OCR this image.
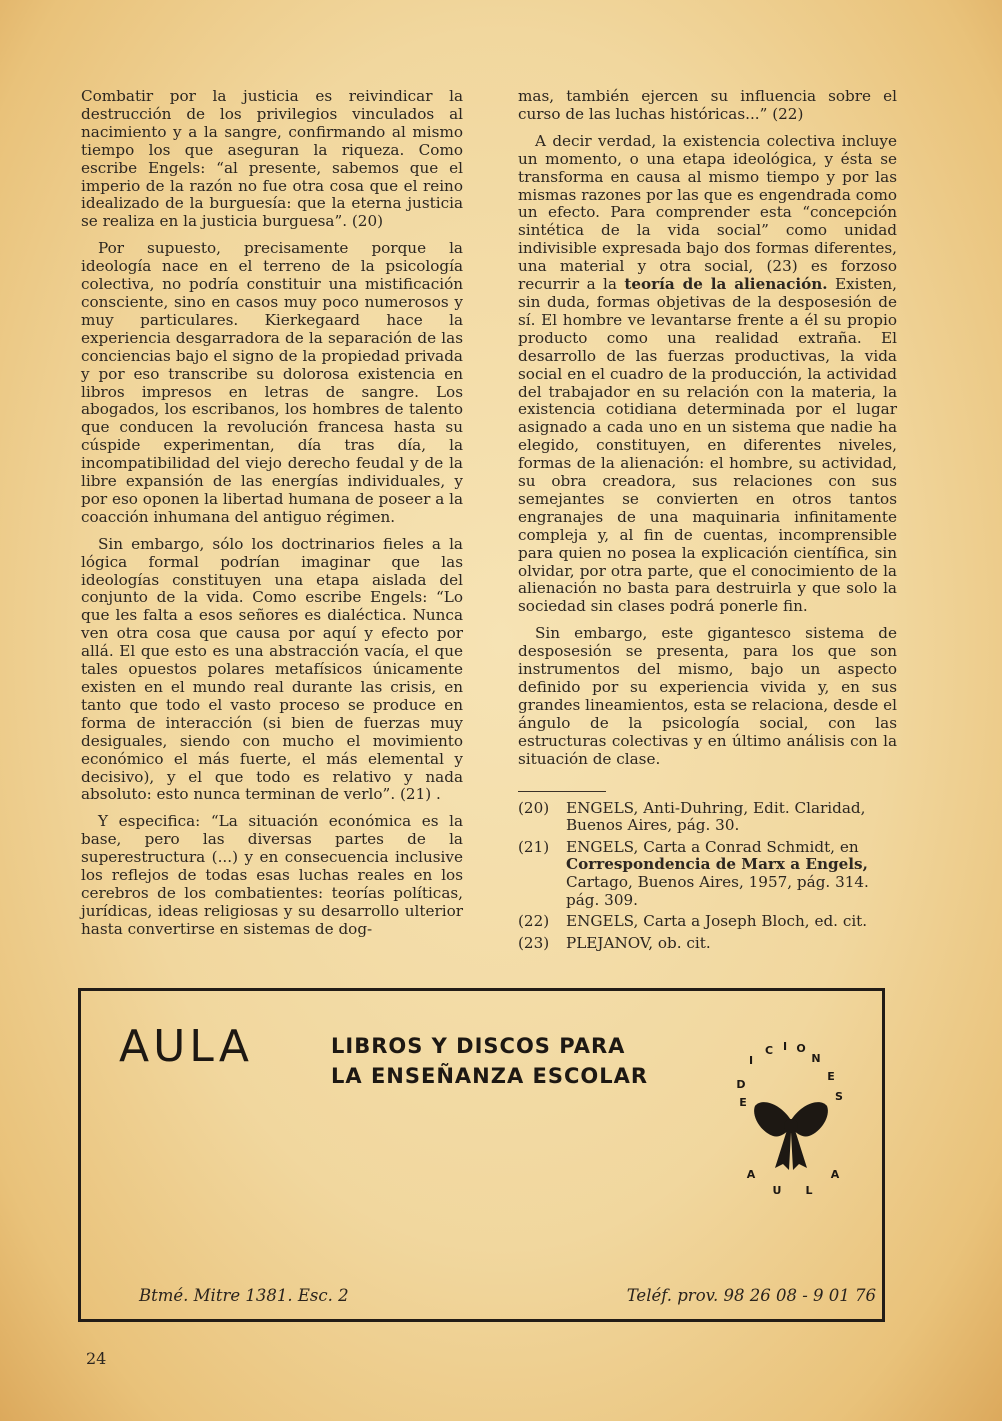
Combatir por la justicia es reivindicar la destrucción de los privilegios vinculados al nacimiento y a la sangre, confirmando al mismo tiempo los que aseguran la riqueza. Como escribe Engels: “al presente, sabemos que el imperio de la razón no fue otra cosa que el reino idealizado de la burguesía: que la eterna justicia se realiza en la justicia burguesa”. (20)

Por supuesto, precisamente porque la ideología nace en el terreno de la psicología colectiva, no podría constituir una mistificación consciente, sino en casos muy poco numerosos y muy particulares. Kierkegaard hace la experiencia desgarradora de la separación de las conciencias bajo el signo de la propiedad privada y por eso transcribe su dolorosa existencia en libros impresos en letras de sangre. Los abogados, los escribanos, los hombres de talento que conducen la revolución francesa hasta su cúspide experimentan, día tras día, la incompatibilidad del viejo derecho feudal y de la libre expansión de las energías individuales, y por eso oponen la libertad humana de poseer a la coacción inhumana del antiguo régimen.

Sin embargo, sólo los doctrinarios fieles a la lógica formal podrían imaginar que las ideologías constituyen una etapa aislada del conjunto de la vida. Como escribe Engels: “Lo que les falta a esos señores es dialéctica. Nunca ven otra cosa que causa por aquí y efecto por allá. El que esto es una abstracción vacía, el que tales opuestos polares metafísicos únicamente existen en el mundo real durante las crisis, en tanto que todo el vasto proceso se produce en forma de interacción (si bien de fuerzas muy desiguales, siendo con mucho el movimiento económico el más fuerte, el más elemental y decisivo), y el que todo es relativo y nada absoluto: esto nunca terminan de verlo”. (21) .

Y especifica: “La situación económica es la base, pero las diversas partes de la superestructura (...) y en consecuencia inclusive los reflejos de todas esas luchas reales en los cerebros de los combatientes: teorías políticas, jurídicas, ideas religiosas y su desarrollo ulterior hasta convertirse en sistemas de dog-

mas, también ejercen su influencia sobre el curso de las luchas históricas...” (22)

A decir verdad, la existencia colectiva incluye un momento, o una etapa ideológica, y ésta se transforma en causa al mismo tiempo y por las mismas razones por las que es engendrada como un efecto. Para comprender esta “concepción sintética de la vida social” como unidad indivisible expresada bajo dos formas diferentes, una material y otra social, (23) es forzoso recurrir a la teoría de la alienación. Existen, sin duda, formas objetivas de la desposesión de sí. El hombre ve levantarse frente a él su propio producto como una realidad extraña. El desarrollo de las fuerzas productivas, la vida social en el cuadro de la producción, la actividad del trabajador en su relación con la materia, la existencia cotidiana determinada por el lugar asignado a cada uno en un sistema que nadie ha elegido, constituyen, en diferentes niveles, formas de la alienación: el hombre, su actividad, su obra creadora, sus relaciones con sus semejantes se convierten en otros tantos engranajes de una maquinaria infinitamente compleja y, al fin de cuentas, incomprensible para quien no posea la explicación científica, sin olvidar, por otra parte, que el conocimiento de la alienación no basta para destruirla y que solo la sociedad sin clases podrá ponerle fin.

Sin embargo, este gigantesco sistema de desposesión se presenta, para los que son instrumentos del mismo, bajo un aspecto definido por su experiencia vivida y, en sus grandes lineamientos, esta se relaciona, desde el ángulo de la psicología social, con las estructuras colectivas y en último análisis con la situación de clase.

(20)	ENGELS, Anti-Duhring, Edit. Claridad, Buenos Aires, pág. 30.
(21)	ENGELS, Carta a Conrad Schmidt, en Correspondencia de Marx a Engels, Cartago, Buenos Aires, 1957, pág. 314. pág. 309.
(22)	ENGELS, Carta a Joseph Bloch, ed. cit.
(23)	PLEJANOV, ob. cit.
AULA	LIBROS Y DISCOS PARA
LA ENSEÑANZA ESCOLAR
E
D
I
C I O
N
E
S
A
U L
A
Btmé. Mitre 1381. Esc. 2	Teléf. prov. 98 26 08 - 9 01 76
24
